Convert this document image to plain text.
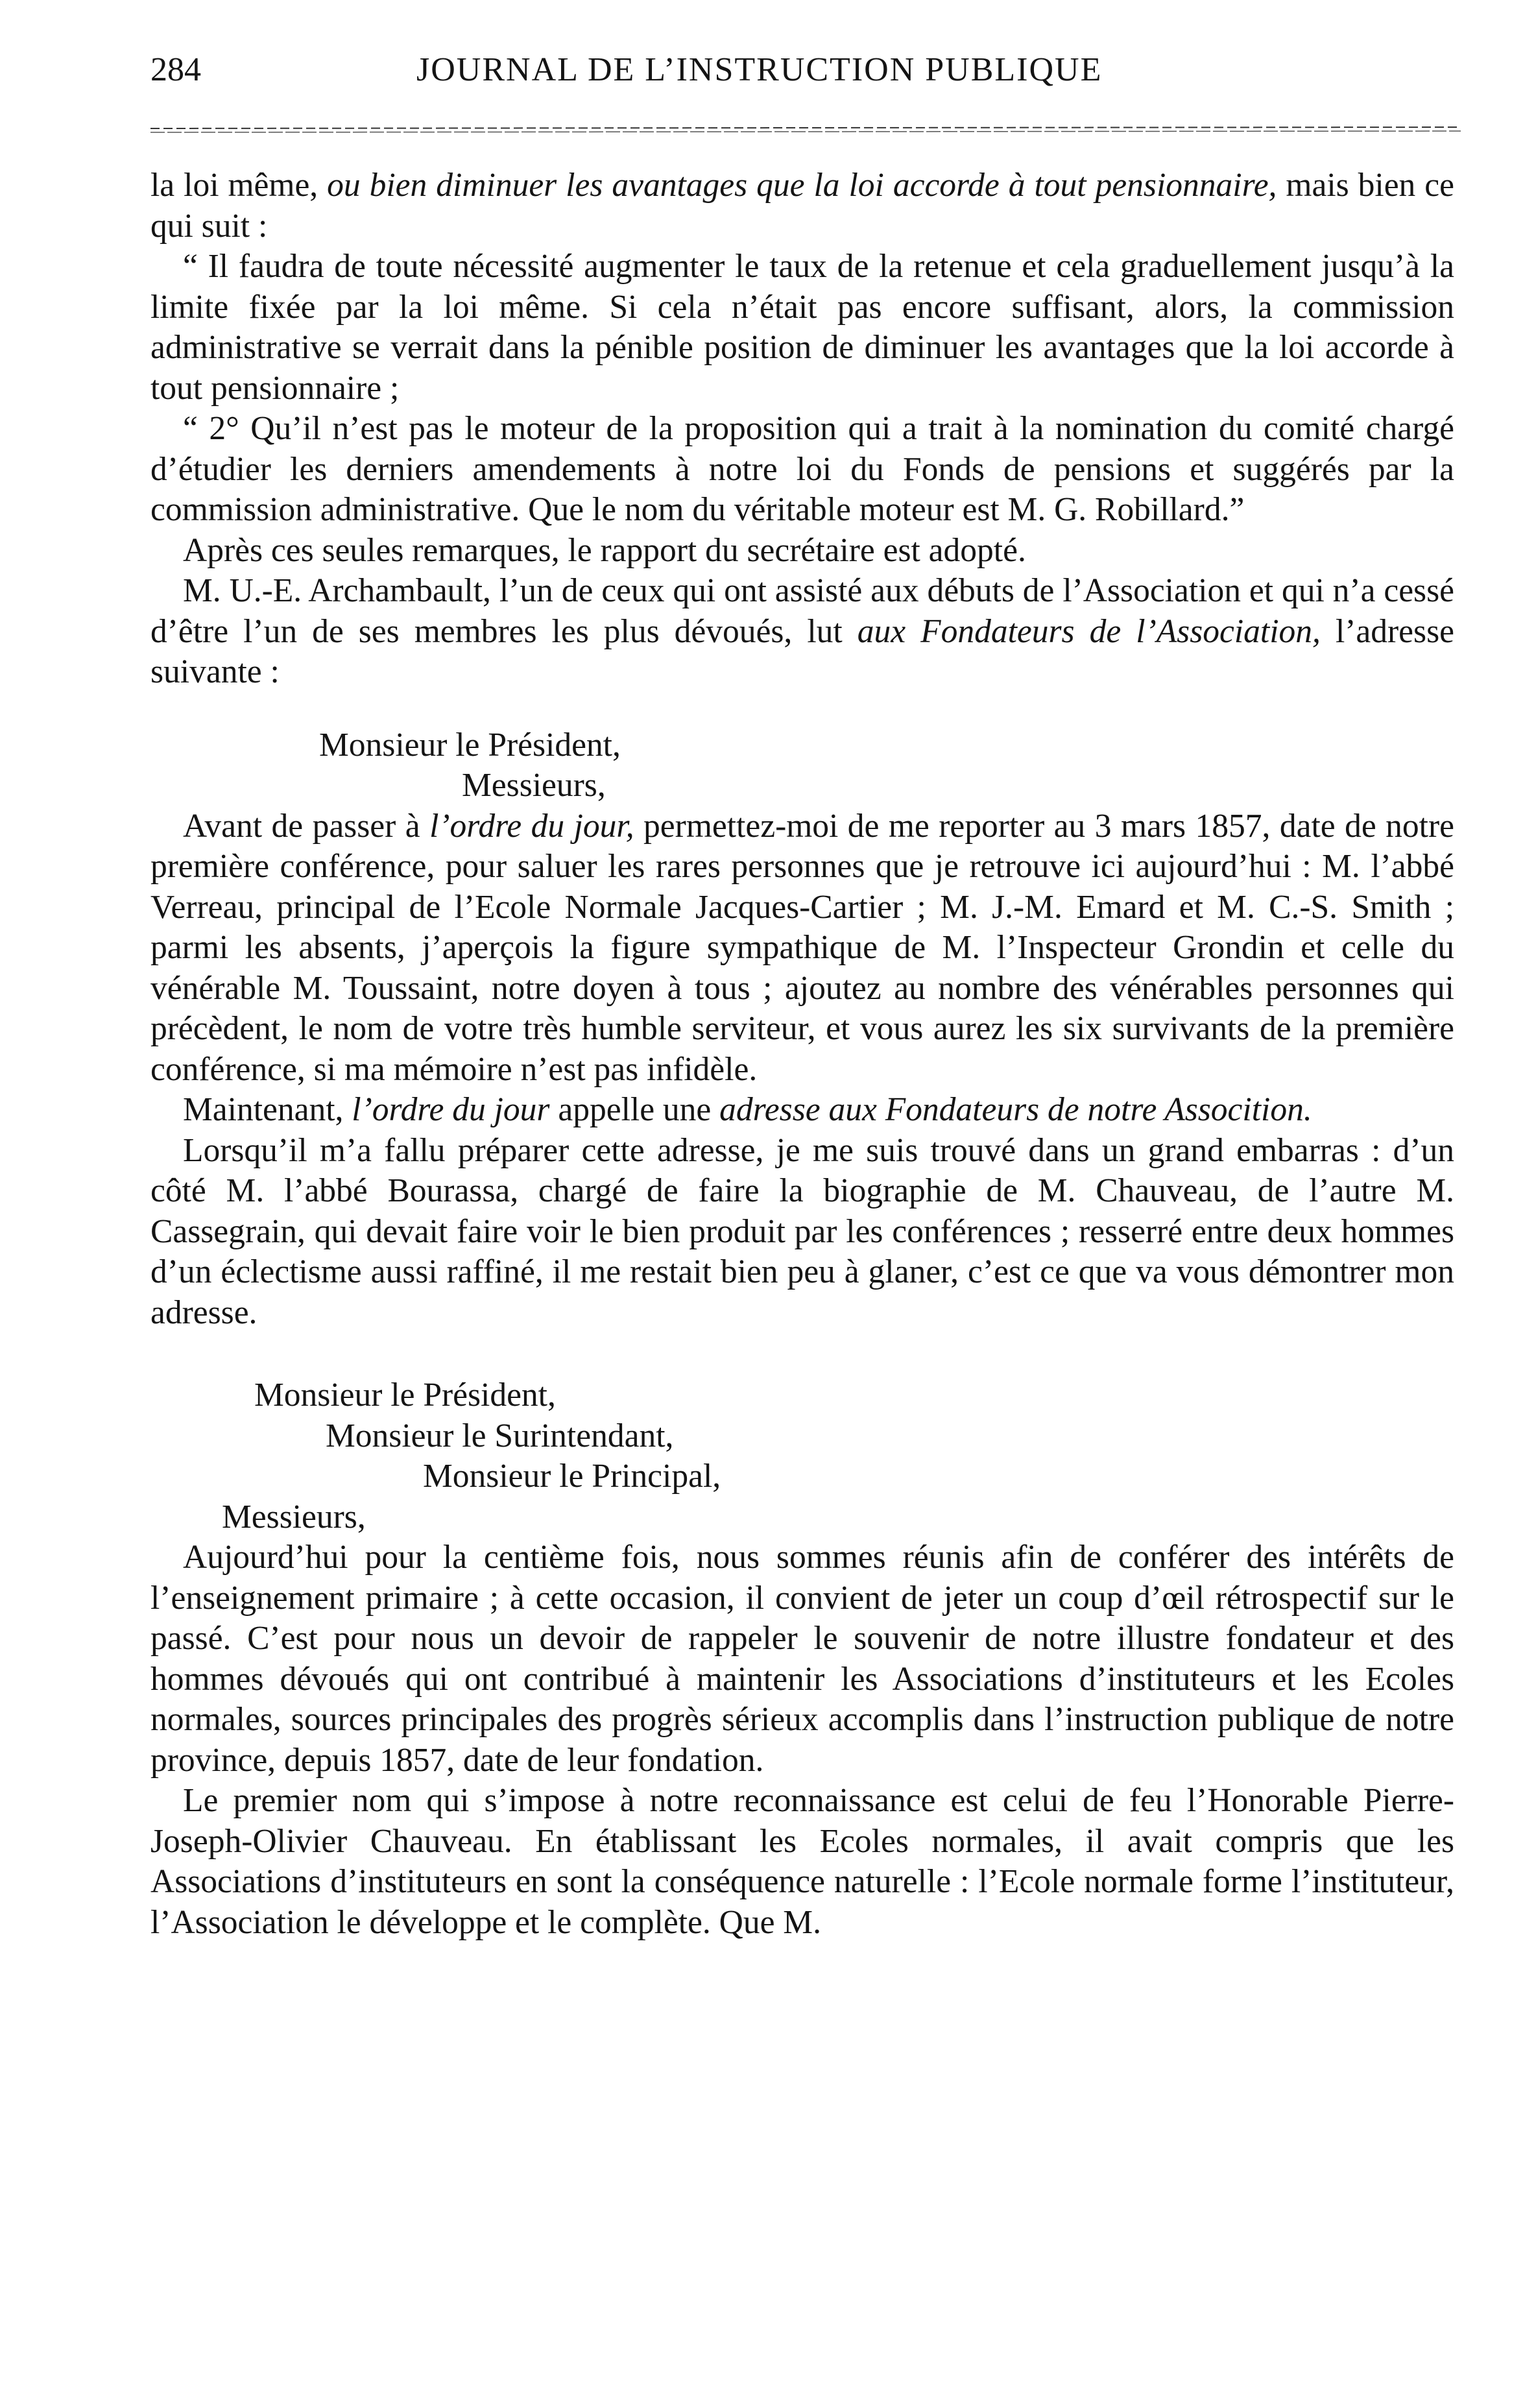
284	JOURNAL DE L’INSTRUCTION PUBLIQUE

la loi même, ou bien diminuer les avantages que la loi accorde à tout pensionnaire, mais bien ce qui suit :

“ Il faudra de toute nécessité augmenter le taux de la retenue et cela graduellement jusqu’à la limite fixée par la loi même. Si cela n’était pas encore suffisant, alors, la commission administrative se verrait dans la pénible position de diminuer les avantages que la loi accorde à tout pensionnaire ;

“ 2° Qu’il n’est pas le moteur de la proposition qui a trait à la nomination du comité chargé d’étudier les derniers amendements à notre loi du Fonds de pensions et suggérés par la commission administrative. Que le nom du véritable moteur est M. G. Robillard.”

Après ces seules remarques, le rapport du secrétaire est adopté.

M. U.-E. Archambault, l’un de ceux qui ont assisté aux débuts de l’Association et qui n’a cessé d’être l’un de ses membres les plus dévoués, lut aux Fondateurs de l’Association, l’adresse suivante :

Monsieur le Président,

Messieurs,

Avant de passer à l’ordre du jour, permettez-moi de me reporter au 3 mars 1857, date de notre première conférence, pour saluer les rares personnes que je retrouve ici aujourd’hui : M. l’abbé Verreau, principal de l’Ecole Normale Jacques-Cartier ; M. J.-M. Emard et M. C.-S. Smith ; parmi les absents, j’aperçois la figure sympathique de M. l’Inspecteur Grondin et celle du vénérable M. Toussaint, notre doyen à tous ; ajoutez au nombre des vénérables personnes qui précèdent, le nom de votre très humble serviteur, et vous aurez les six survivants de la première conférence, si ma mémoire n’est pas infidèle.

Maintenant, l’ordre du jour appelle une adresse aux Fondateurs de notre Assocition.

Lorsqu’il m’a fallu préparer cette adresse, je me suis trouvé dans un grand embarras : d’un côté M. l’abbé Bourassa, chargé de faire la biographie de M. Chauveau, de l’autre M. Cassegrain, qui devait faire voir le bien produit par les conférences ; resserré entre deux hommes d’un éclectisme aussi raffiné, il me restait bien peu à glaner, c’est ce que va vous démontrer mon adresse.

Monsieur le Président,

Monsieur le Surintendant,

Monsieur le Principal,

Messieurs,

Aujourd’hui pour la centième fois, nous sommes réunis afin de conférer des intérêts de l’enseignement primaire ; à cette occasion, il convient de jeter un coup d’œil rétrospectif sur le passé. C’est pour nous un devoir de rappeler le souvenir de notre illustre fondateur et des hommes dévoués qui ont contribué à maintenir les Associations d’instituteurs et les Ecoles normales, sources principales des progrès sérieux accomplis dans l’instruction publique de notre province, depuis 1857, date de leur fondation.

Le premier nom qui s’impose à notre reconnaissance est celui de feu l’Honorable Pierre-Joseph-Olivier Chauveau. En établissant les Ecoles normales, il avait compris que les Associations d’instituteurs en sont la conséquence naturelle : l’Ecole normale forme l’instituteur, l’Association le développe et le complète. Que M.
